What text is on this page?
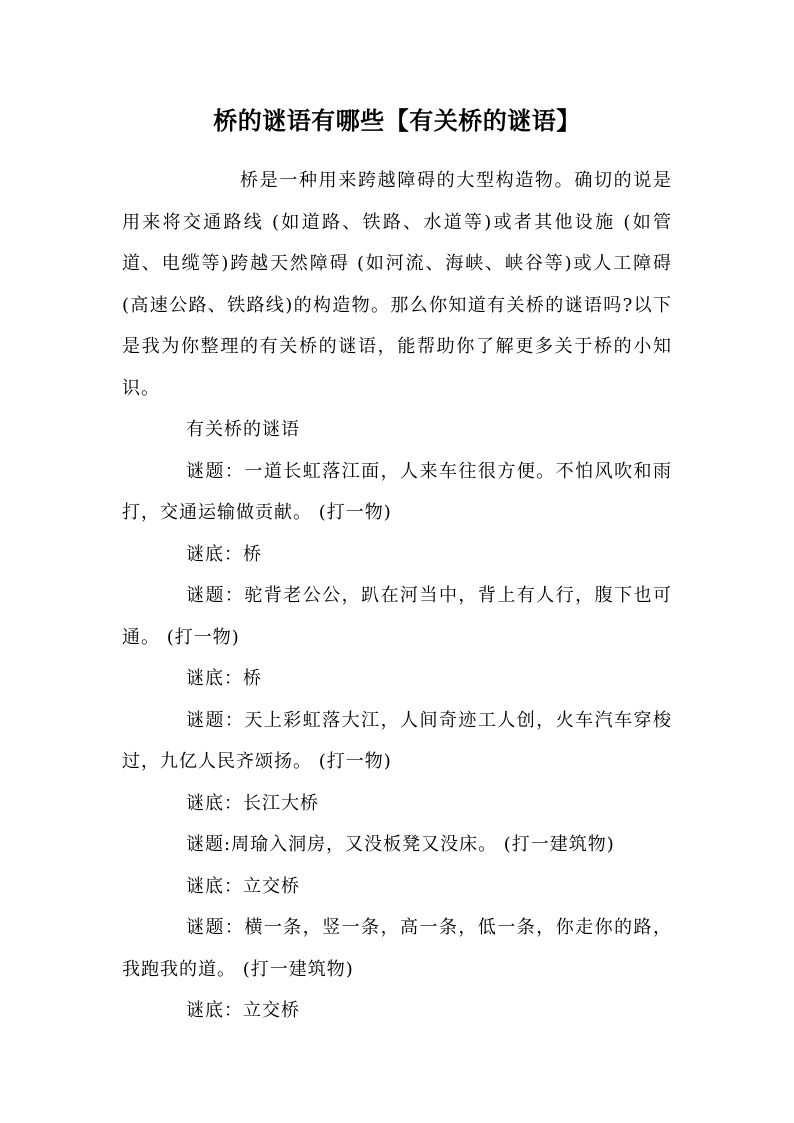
桥的谜语有哪些【有关桥的谜语】

桥是一种用来跨越障碍的大型构造物。确切的说是用来将交通路线 (如道路、铁路、水道等)或者其他设施 (如管道、电缆等)跨越天然障碍 (如河流、海峡、峡谷等)或人工障碍 (高速公路、铁路线)的构造物。那么你知道有关桥的谜语吗?以下是我为你整理的有关桥的谜语，能帮助你了解更多关于桥的小知识。

有关桥的谜语

谜题：一道长虹落江面，人来车往很方便。不怕风吹和雨打，交通运输做贡献。 (打一物)

谜底：桥

谜题：驼背老公公，趴在河当中，背上有人行，腹下也可通。 (打一物)

谜底：桥

谜题：天上彩虹落大江，人间奇迹工人创，火车汽车穿梭过，九亿人民齐颂扬。 (打一物)

谜底：长江大桥

谜题:周瑜入洞房，又没板凳又没床。 (打一建筑物)

谜底：立交桥

谜题：横一条，竖一条，高一条，低一条，你走你的路，我跑我的道。 (打一建筑物)

谜底：立交桥
